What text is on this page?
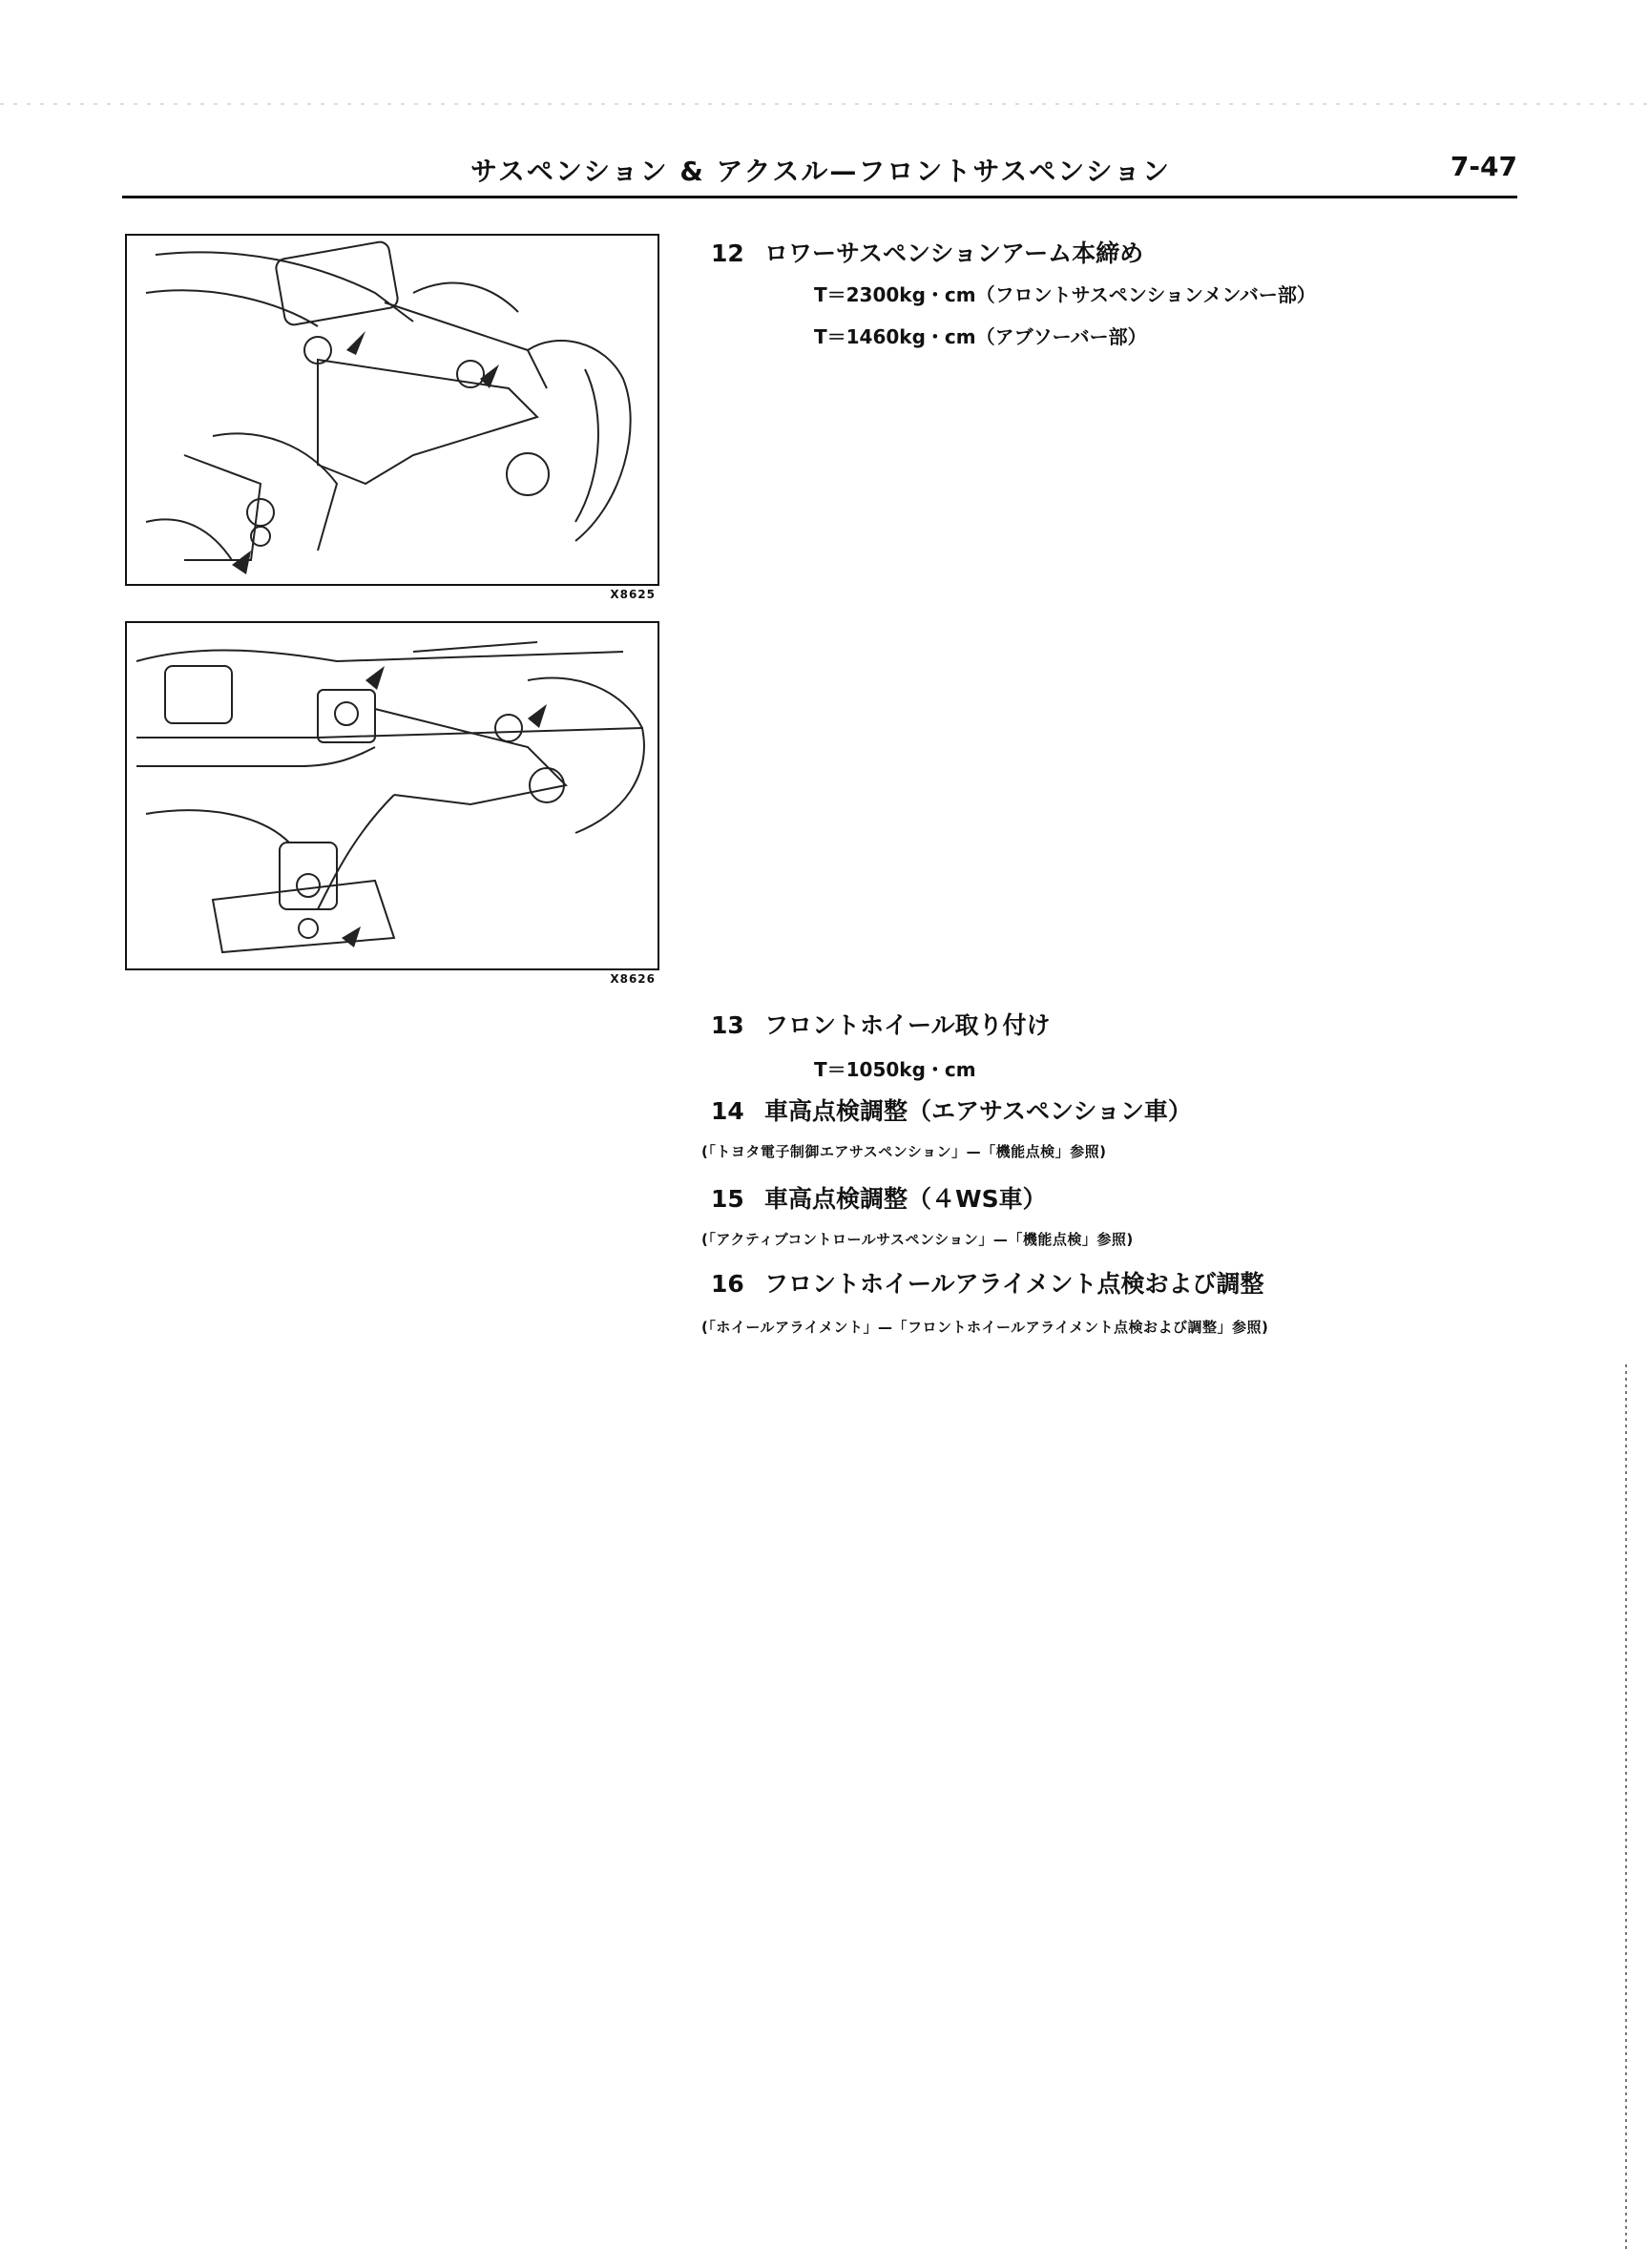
サスペンション & アクスル—フロントサスペンション	7-47
X8625
X8626
12 ロワーサスペンションアーム本締め
T＝2300kg・cm（フロントサスペンションメンバー部）
T＝1460kg・cm（アブソーバー部）
13 フロントホイール取り付け
T＝1050kg・cm
14 車高点検調整（エアサスペンション車）
(「トヨタ電子制御エアサスペンション」—「機能点検」参照)
15 車高点検調整（４WS車）
(「アクティブコントロールサスペンション」—「機能点検」参照)
16 フロントホイールアライメント点検および調整
(「ホイールアライメント」—「フロントホイールアライメント点検および調整」参照)
